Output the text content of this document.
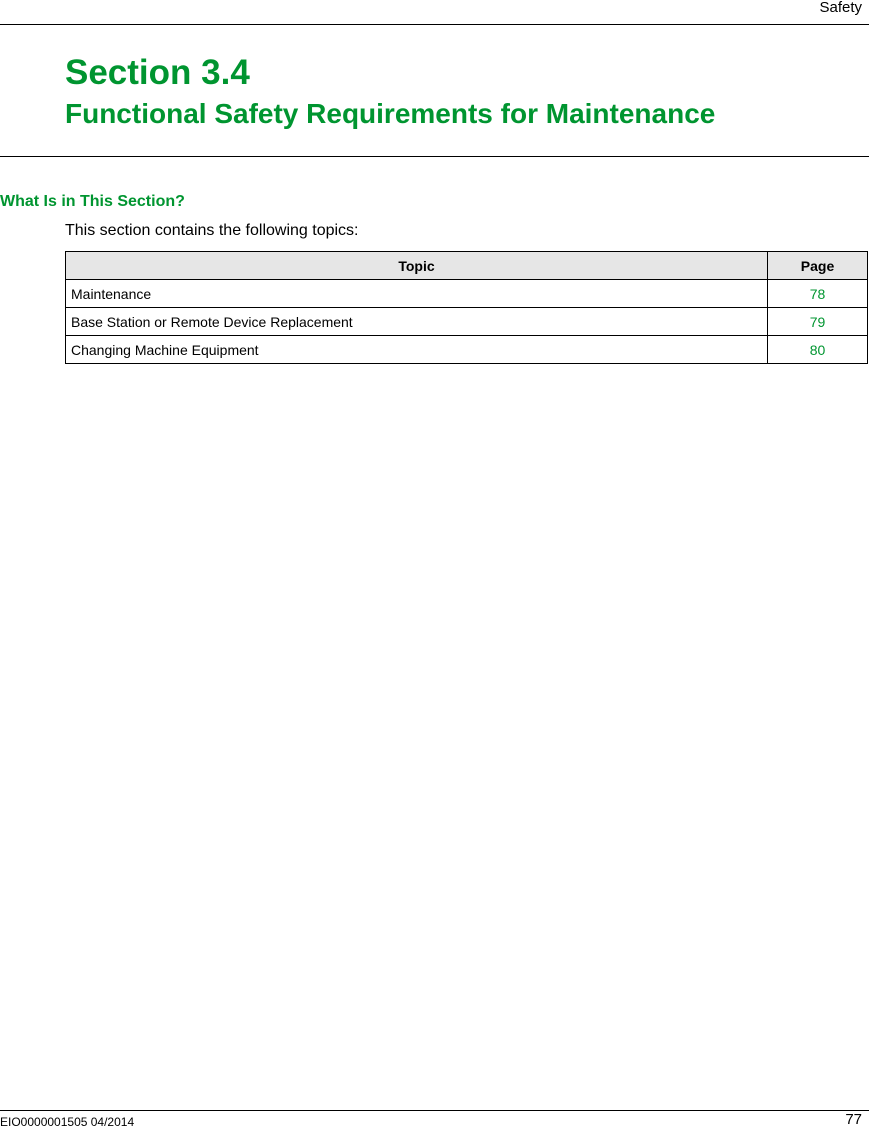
Safety
Section 3.4
Functional Safety Requirements for Maintenance
What Is in This Section?

This section contains the following topics:

Topic	Page
Maintenance	78
Base Station or Remote Device Replacement	79
Changing Machine Equipment	80
EIO0000001505 04/2014	77
